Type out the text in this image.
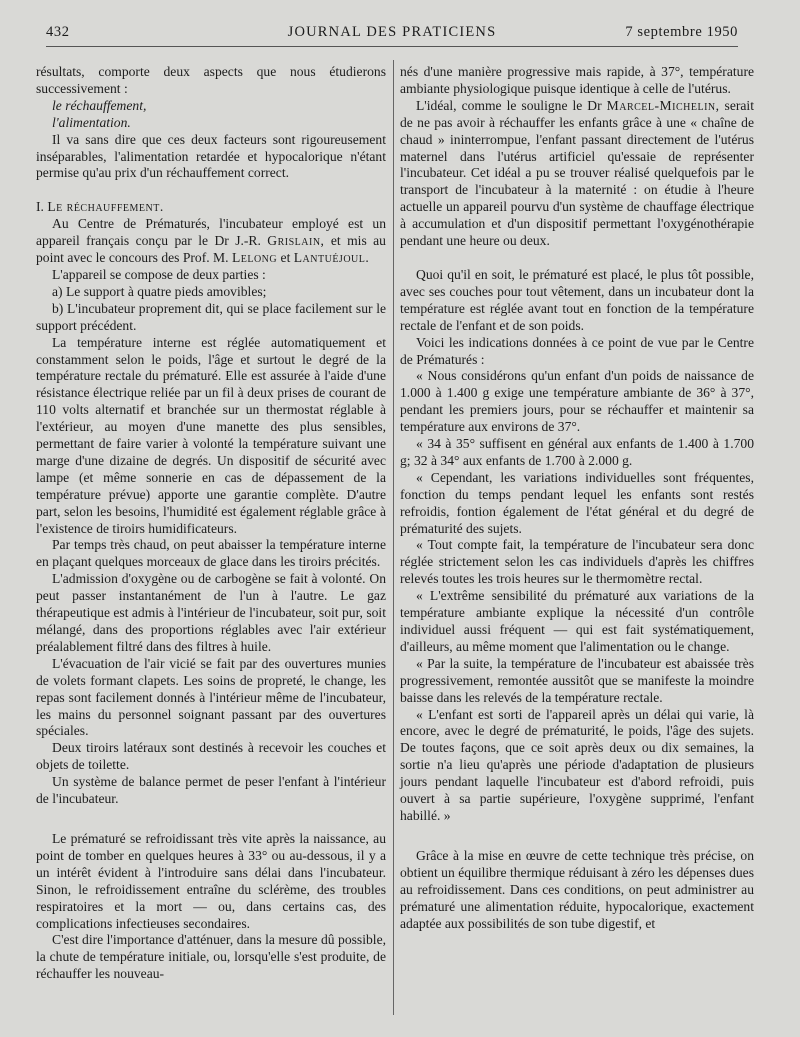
432	JOURNAL DES PRATICIENS	7 septembre 1950

résultats, comporte deux aspects que nous étudierons successivement :

le réchauffement,

l'alimentation.

Il va sans dire que ces deux facteurs sont rigoureusement inséparables, l'alimentation retardée et hypocalorique n'étant permise qu'au prix d'un réchauffement correct.

I. Le réchauffement.

Au Centre de Prématurés, l'incubateur employé est un appareil français conçu par le Dr J.-R. Grislain, et mis au point avec le concours des Prof. M. Lelong et Lantuéjoul.

L'appareil se compose de deux parties :

a) Le support à quatre pieds amovibles;

b) L'incubateur proprement dit, qui se place facilement sur le support précédent.

La température interne est réglée automatiquement et constamment selon le poids, l'âge et surtout le degré de la température rectale du prématuré. Elle est assurée à l'aide d'une résistance électrique reliée par un fil à deux prises de courant de 110 volts alternatif et branchée sur un thermostat réglable à l'extérieur, au moyen d'une manette des plus sensibles, permettant de faire varier à volonté la température suivant une marge d'une dizaine de degrés. Un dispositif de sécurité avec lampe (et même sonnerie en cas de dépassement de la température prévue) apporte une garantie complète. D'autre part, selon les besoins, l'humidité est également réglable grâce à l'existence de tiroirs humidificateurs.

Par temps très chaud, on peut abaisser la température interne en plaçant quelques morceaux de glace dans les tiroirs précités.

L'admission d'oxygène ou de carbogène se fait à volonté. On peut passer instantanément de l'un à l'autre. Le gaz thérapeutique est admis à l'intérieur de l'incubateur, soit pur, soit mélangé, dans des proportions réglables avec l'air extérieur préalablement filtré dans des filtres à huile.

L'évacuation de l'air vicié se fait par des ouvertures munies de volets formant clapets. Les soins de propreté, le change, les repas sont facilement donnés à l'intérieur même de l'incubateur, les mains du personnel soignant passant par des ouvertures spéciales.

Deux tiroirs latéraux sont destinés à recevoir les couches et objets de toilette.

Un système de balance permet de peser l'enfant à l'intérieur de l'incubateur.

Le prématuré se refroidissant très vite après la naissance, au point de tomber en quelques heures à 33° ou au-dessous, il y a un intérêt évident à l'introduire sans délai dans l'incubateur. Sinon, le refroidissement entraîne du sclérème, des troubles respiratoires et la mort — ou, dans certains cas, des complications infectieuses secondaires.

C'est dire l'importance d'atténuer, dans la mesure dû possible, la chute de température initiale, ou, lorsqu'elle s'est produite, de réchauffer les nouveau-

nés d'une manière progressive mais rapide, à 37°, température ambiante physiologique puisque identique à celle de l'utérus.

L'idéal, comme le souligne le Dr Marcel-Michelin, serait de ne pas avoir à réchauffer les enfants grâce à une « chaîne de chaud » ininterrompue, l'enfant passant directement de l'utérus maternel dans l'utérus artificiel qu'essaie de représenter l'incubateur. Cet idéal a pu se trouver réalisé quelquefois par le transport de l'incubateur à la maternité : on étudie à l'heure actuelle un appareil pourvu d'un système de chauffage électrique à accumulation et d'un dispositif permettant l'oxygénothérapie pendant une heure ou deux.

Quoi qu'il en soit, le prématuré est placé, le plus tôt possible, avec ses couches pour tout vêtement, dans un incubateur dont la température est réglée avant tout en fonction de la température rectale de l'enfant et de son poids.

Voici les indications données à ce point de vue par le Centre de Prématurés :

« Nous considérons qu'un enfant d'un poids de naissance de 1.000 à 1.400 g exige une température ambiante de 36° à 37°, pendant les premiers jours, pour se réchauffer et maintenir sa température aux environs de 37°.

« 34 à 35° suffisent en général aux enfants de 1.400 à 1.700 g; 32 à 34° aux enfants de 1.700 à 2.000 g.

« Cependant, les variations individuelles sont fréquentes, fonction du temps pendant lequel les enfants sont restés refroidis, fontion également de l'état général et du degré de prématurité des sujets.

« Tout compte fait, la température de l'incubateur sera donc réglée strictement selon les cas individuels d'après les chiffres relevés toutes les trois heures sur le thermomètre rectal.

« L'extrême sensibilité du prématuré aux variations de la température ambiante explique la nécessité d'un contrôle individuel aussi fréquent — qui est fait systématiquement, d'ailleurs, au même moment que l'alimentation ou le change.

« Par la suite, la température de l'incubateur est abaissée très progressivement, remontée aussitôt que se manifeste la moindre baisse dans les relevés de la température rectale.

« L'enfant est sorti de l'appareil après un délai qui varie, là encore, avec le degré de prématurité, le poids, l'âge des sujets. De toutes façons, que ce soit après deux ou dix semaines, la sortie n'a lieu qu'après une période d'adaptation de plusieurs jours pendant laquelle l'incubateur est d'abord refroidi, puis ouvert à sa partie supérieure, l'oxygène supprimé, l'enfant habillé. »

Grâce à la mise en œuvre de cette technique très précise, on obtient un équilibre thermique réduisant à zéro les dépenses dues au refroidissement. Dans ces conditions, on peut administrer au prématuré une alimentation réduite, hypocalorique, exactement adaptée aux possibilités de son tube digestif, et
